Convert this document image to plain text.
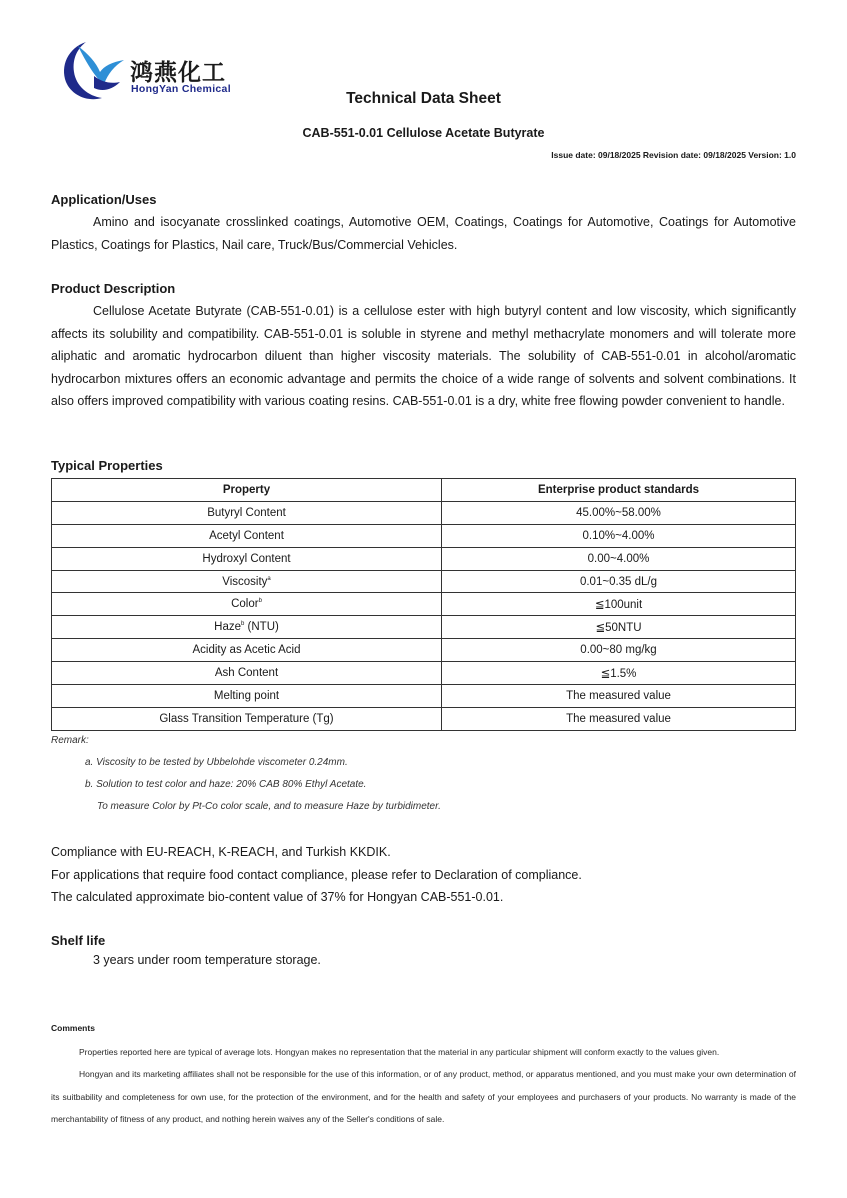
鸿燕化工
HongYan Chemical
Technical Data Sheet
CAB-551-0.01 Cellulose Acetate Butyrate
Issue date: 09/18/2025 Revision date: 09/18/2025 Version: 1.0

Application/Uses

Amino and isocyanate crosslinked coatings, Automotive OEM, Coatings, Coatings for Automotive, Coatings for Automotive Plastics, Coatings for Plastics, Nail care, Truck/Bus/Commercial Vehicles.

Product Description

Cellulose Acetate Butyrate (CAB-551-0.01) is a cellulose ester with high butyryl content and low viscosity, which significantly affects its solubility and compatibility. CAB-551-0.01 is soluble in styrene and methyl methacrylate monomers and will tolerate more aliphatic and aromatic hydrocarbon diluent than higher viscosity materials. The solubility of CAB-551-0.01 in alcohol/aromatic hydrocarbon mixtures offers an economic advantage and permits the choice of a wide range of solvents and solvent combinations. It also offers improved compatibility with various coating resins. CAB-551-0.01 is a dry, white free flowing powder convenient to handle.

Typical Properties

Property	Enterprise product standards
Butyryl Content	45.00%~58.00%
Acetyl Content	0.10%~4.00%
Hydroxyl Content	0.00~4.00%
Viscosity$^a$	0.01~0.35 dL/g
Color$^b$	≦100unit
Haze$^b$ (NTU)	≦50NTU
Acidity as Acetic Acid	0.00~80 mg/kg
Ash Content	≦1.5%
Melting point	The measured value
Glass Transition Temperature (Tg)	The measured value
Remark:
a. Viscosity to be tested by Ubbelohde viscometer 0.24mm.
b. Solution to test color and haze: 20% CAB 80% Ethyl Acetate.
To measure Color by Pt-Co color scale, and to measure Haze by turbidimeter.
Compliance with EU-REACH, K-REACH, and Turkish KKDIK.
For applications that require food contact compliance, please refer to Declaration of compliance.
The calculated approximate bio-content value of 37% for Hongyan CAB-551-0.01.

Shelf life

3 years under room temperature storage.
Comments

Properties reported here are typical of average lots. Hongyan makes no representation that the material in any particular shipment will conform exactly to the values given.

Hongyan and its marketing affiliates shall not be responsible for the use of this information, or of any product, method, or apparatus mentioned, and you must make your own determination of its suitbability and completeness for own use, for the protection of the environment, and for the health and safety of your employees and purchasers of your products. No warranty is made of the merchantability of fitness of any product, and nothing herein waives any of the Seller's conditions of sale.
